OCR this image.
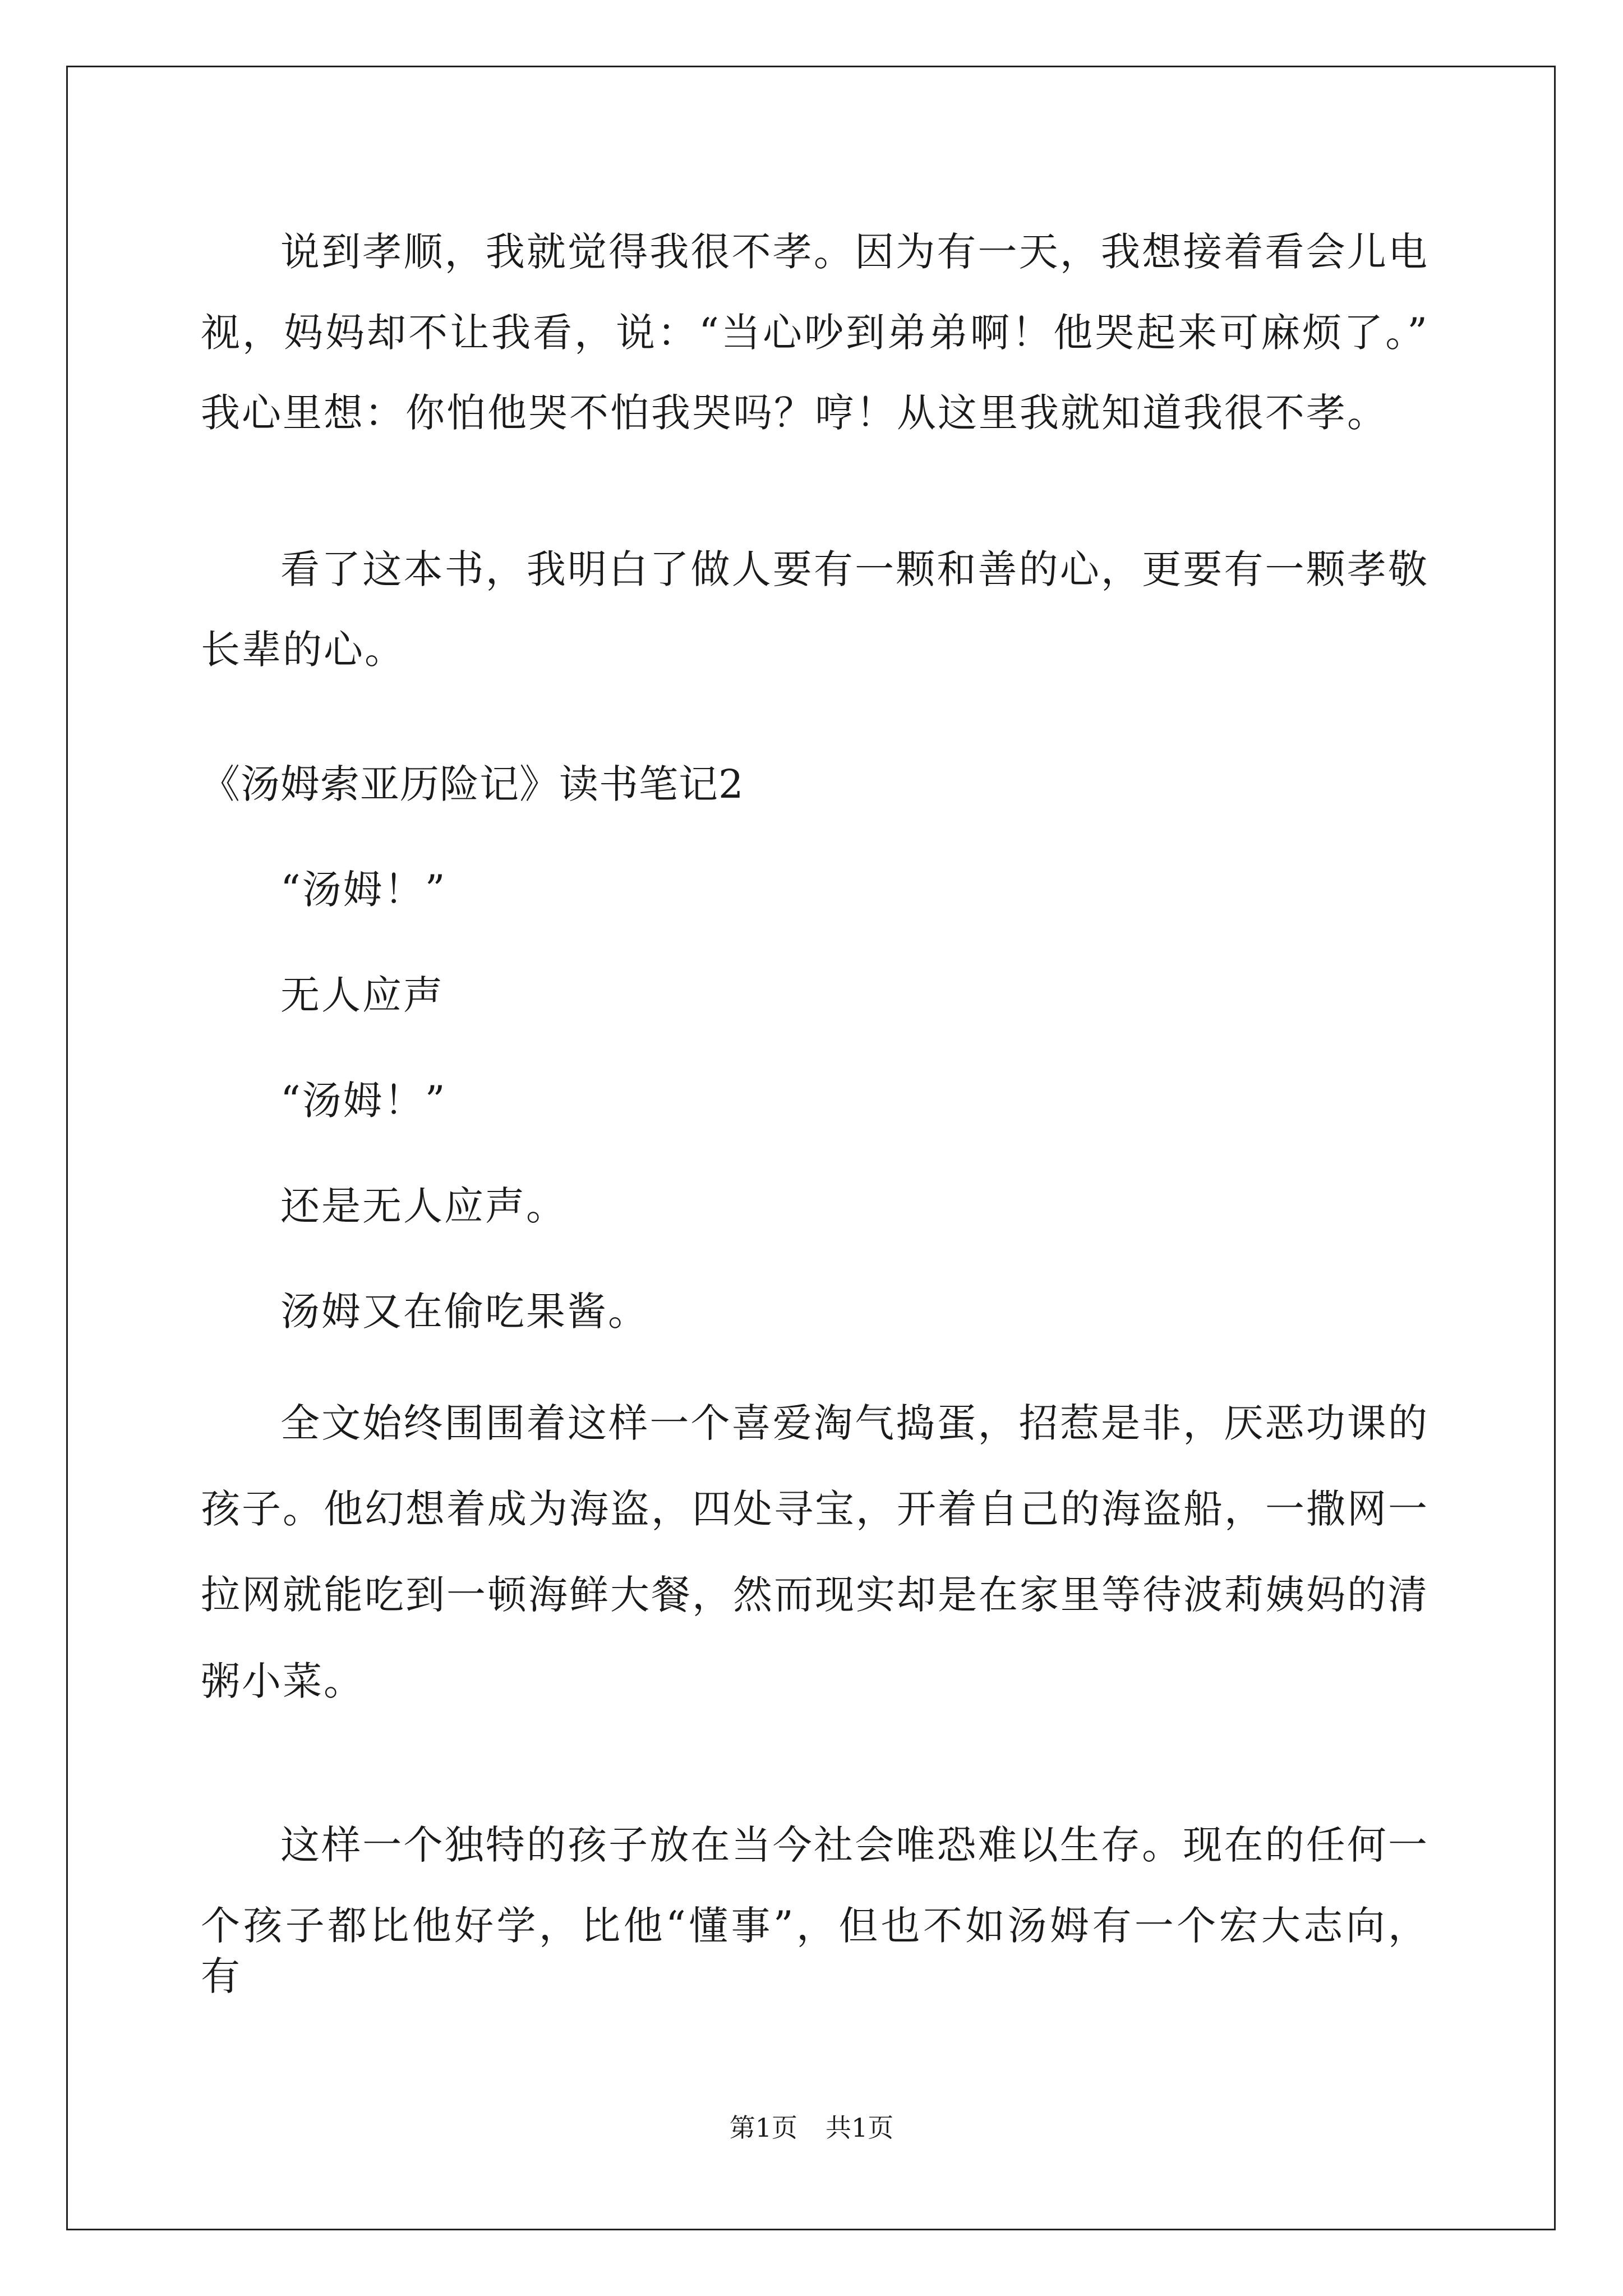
说到孝顺，我就觉得我很不孝。因为有一天，我想接着看会儿电
视，妈妈却不让我看，说：“当心吵到弟弟啊！他哭起来可麻烦了。”
我心里想：你怕他哭不怕我哭吗？哼！从这里我就知道我很不孝。
看了这本书，我明白了做人要有一颗和善的心，更要有一颗孝敬
长辈的心。
《汤姆索亚历险记》读书笔记2
“汤姆！”
无人应声
“汤姆！”
还是无人应声。
汤姆又在偷吃果酱。
全文始终围围着这样一个喜爱淘气捣蛋，招惹是非，厌恶功课的
孩子。他幻想着成为海盗，四处寻宝，开着自己的海盗船，一撒网一
拉网就能吃到一顿海鲜大餐，然而现实却是在家里等待波莉姨妈的清
粥小菜。
这样一个独特的孩子放在当今社会唯恐难以生存。现在的任何一
个孩子都比他好学，比他“懂事”，但也不如汤姆有一个宏大志向，有
第1页 共1页
